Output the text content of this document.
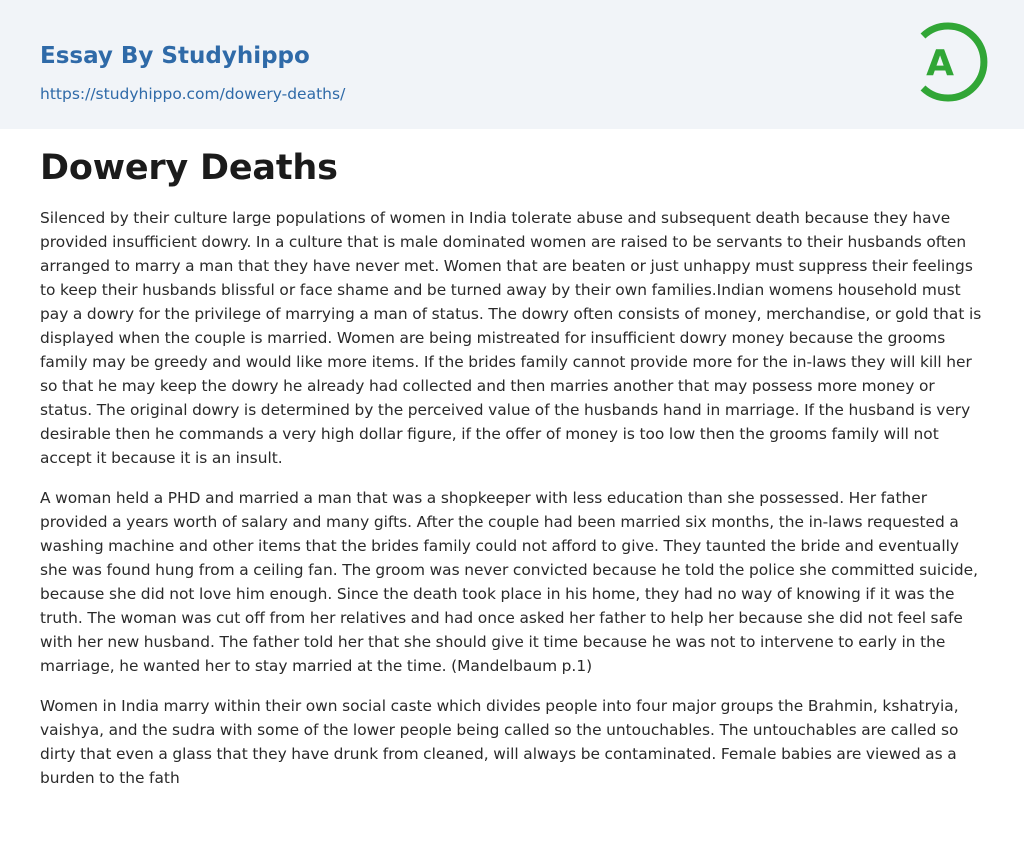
Essay By Studyhippo
https://studyhippo.com/dowery-deaths/
A
Dowery Deaths

Silenced by their culture large populations of women in India tolerate abuse and subsequent death because they have provided insufficient dowry. In a culture that is male dominated women are raised to be servants to their husbands often arranged to marry a man that they have never met. Women that are beaten or just unhappy must suppress their feelings to keep their husbands blissful or face shame and be turned away by their own families.Indian womens household must pay a dowry for the privilege of marrying a man of status. The dowry often consists of money, merchandise, or gold that is displayed when the couple is married. Women are being mistreated for insufficient dowry money because the grooms family may be greedy and would like more items. If the brides family cannot provide more for the in-laws they will kill her so that he may keep the dowry he already had collected and then marries another that may possess more money or status. The original dowry is determined by the perceived value of the husbands hand in marriage. If the husband is very desirable then he commands a very high dollar figure, if the offer of money is too low then the grooms family will not accept it because it is an insult.

A woman held a PHD and married a man that was a shopkeeper with less education than she possessed. Her father provided a years worth of salary and many gifts. After the couple had been married six months, the in-laws requested a washing machine and other items that the brides family could not afford to give. They taunted the bride and eventually she was found hung from a ceiling fan. The groom was never convicted because he told the police she committed suicide, because she did not love him enough. Since the death took place in his home, they had no way of knowing if it was the truth. The woman was cut off from her relatives and had once asked her father to help her because she did not feel safe with her new husband. The father told her that she should give it time because he was not to intervene to early in the marriage, he wanted her to stay married at the time. (Mandelbaum p.1)

Women in India marry within their own social caste which divides people into four major groups the Brahmin, kshatryia, vaishya, and the sudra with some of the lower people being called so the untouchables. The untouchables are called so dirty that even a glass that they have drunk from cleaned, will always be contaminated. Female babies are viewed as a burden to the fath
